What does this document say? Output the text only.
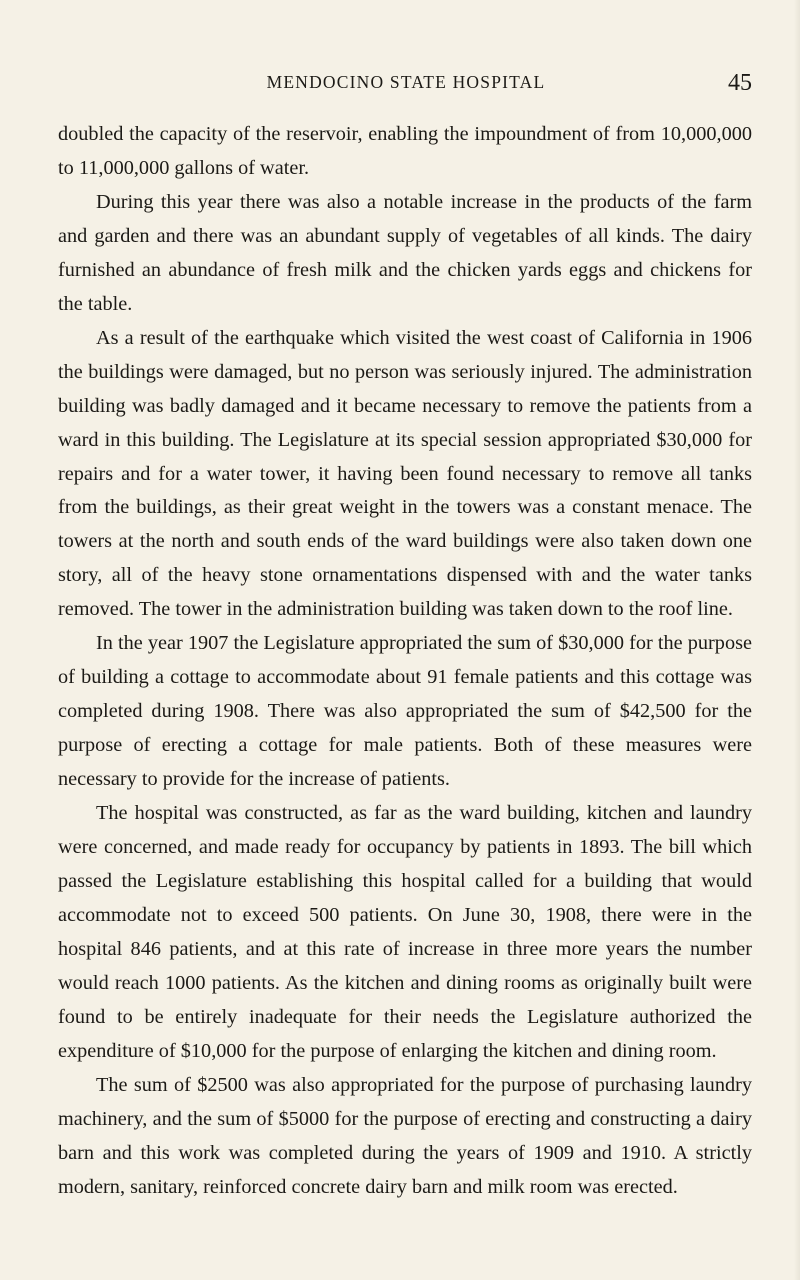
MENDOCINO STATE HOSPITAL	45

doubled the capacity of the reservoir, enabling the impoundment of from 10,000,000 to 11,000,000 gallons of water.

During this year there was also a notable increase in the products of the farm and garden and there was an abundant supply of vegetables of all kinds. The dairy furnished an abundance of fresh milk and the chicken yards eggs and chickens for the table.

As a result of the earthquake which visited the west coast of California in 1906 the buildings were damaged, but no person was seriously injured. The administration building was badly damaged and it became necessary to remove the patients from a ward in this building. The Legislature at its special session appropriated $30,000 for repairs and for a water tower, it having been found necessary to remove all tanks from the buildings, as their great weight in the towers was a constant menace. The towers at the north and south ends of the ward buildings were also taken down one story, all of the heavy stone ornamentations dispensed with and the water tanks removed. The tower in the administration building was taken down to the roof line.

In the year 1907 the Legislature appropriated the sum of $30,000 for the purpose of building a cottage to accommodate about 91 female patients and this cottage was completed during 1908. There was also appropriated the sum of $42,500 for the purpose of erecting a cottage for male patients. Both of these measures were necessary to provide for the increase of patients.

The hospital was constructed, as far as the ward building, kitchen and laundry were concerned, and made ready for occupancy by patients in 1893. The bill which passed the Legislature establishing this hospital called for a building that would accommodate not to exceed 500 patients. On June 30, 1908, there were in the hospital 846 patients, and at this rate of increase in three more years the number would reach 1000 patients. As the kitchen and dining rooms as originally built were found to be entirely inadequate for their needs the Legislature authorized the expenditure of $10,000 for the purpose of enlarging the kitchen and dining room.

The sum of $2500 was also appropriated for the purpose of purchasing laundry machinery, and the sum of $5000 for the purpose of erecting and constructing a dairy barn and this work was completed during the years of 1909 and 1910. A strictly modern, sanitary, reinforced concrete dairy barn and milk room was erected.
